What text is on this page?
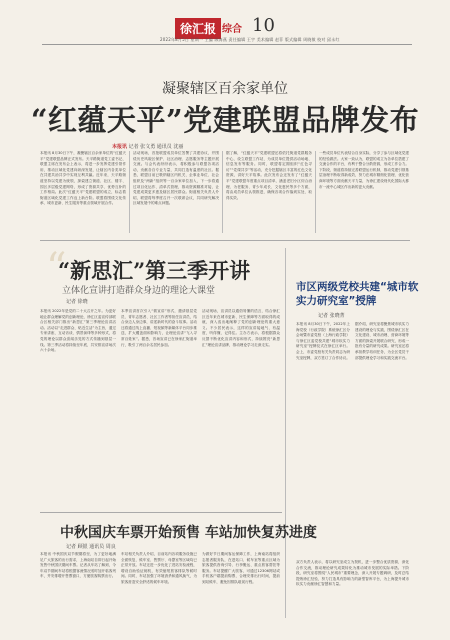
徐汇报 综合 10
2022年8月5日 星期一 主编 顾海燕 责任编辑 王宇 美术编辑 赵菲 版式编辑 周晓敏 校对 邱永红
凝聚辖区百余家单位
“红蕴天平”党建联盟品牌发布
本报讯 记者 张文勇 通讯员 沈丽
本报讯 8月30日下午，凝聚辖区百余家单位的“红蕴天平”党建联盟品牌正式发布。天平路街道党工委书记、联盟主席在发布会上表示，将进一步发挥党建引领作用，推动区域化党建向纵深发展，让辖区内各类单位在共建共治共享中实现互利共赢。近年来，天平路街道坚持以党建为统领，探索建立街道、社区、楼宇、园区多层级党建网络，形成了资源共享、优势互补的工作格局。此次“红蕴天平”党建联盟的成立，标志着街道区域化党建工作迈上新台阶。联盟将围绕文化传承、城市更新、民生服务等重点领域开展合作。
活动现场，首批联盟成员单位签署了共建协议，并围绕历史风貌区保护、社区治理、志愿服务等主题开展交流。与会代表纷纷表示，将积极参与联盟各项活动，贡献各自专业力量，共同打造有温度的社区。据悉，联盟目前已吸纳辖区内机关、企事业单位、社会组织及“两新”组织等一百余家单位加入，下一步将通过项目化运作、清单式管理，推动资源精准对接，让党建成果更多惠及辖区居民群众。街道相关负责人介绍，联盟将每季度召开一次联席会议，共同研究解决区域发展中的难点问题。
据了解，“红蕴天平”党建联盟还将依托街道党群服务中心，设立联盟工作站，为成员单位提供活动场地、信息发布等服务。同时，联盟将定期组织“红色寻访”“党课共享”等活动，充分挖掘辖区丰富的红色文化资源，讲好天平故事。此次发布会还发布了“红蕴天平”党建联盟年度重点项目清单，涵盖老旧小区综合治理、为老服务、青少年成长、文化惠民等多个方面，将由成员单位认领推进，确保各项合作落到实处、取得实效。
一些成员单位代表结合自身实际，分享了参与区域化党建的经验做法。大家一致认为，联盟的成立为各单位搭建了交流合作的平台，有利于整合分散资源，形成工作合力。下阶段，街道将持续完善联盟运行机制，推动党建引领基层治理不断取得新成效，努力在城市精细化管理、优化营商环境等方面贡献天平力量，为徐汇建设现代化国际大都市一流中心城区作出新的更大贡献。
“
“新思汇”第三季开讲
立体化宣讲打造群众身边的理论大课堂
记者 徐晓
本报讯 2022年是党的二十大召开之年。为更好地让群众理解党的创新理论，徐汇区委宣传部联合区相关部门推出“新思汇”第三季理论宣讲活动。活动以“走进群众、贴近生活”为主旨，通过专家讲座、互动访谈、情景演绎等多种形式，将党的理论以群众喜闻乐见的方式传播到基层一线。第三季活动将持续至年底，共安排宣讲场次六十余场。
本季宣讲首次引入“微宣讲”形式，邀请基层党员、青年志愿者、社区工作者等担任宣讲员，结合身边人身边事，讲述新时代的奋斗故事。活动还将通过线上直播、短视频等新媒体平台同步推送，扩大覆盖面和影响力，让理论宣讲“飞入寻常百姓家”。据悉，首场宣讲已在徐家汇街道举行，吸引了两百余名居民参加。
活动现场，宣讲员以通俗易懂的语言，结合徐汇区近年来在城市更新、民生保障等方面取得的成就，深入浅出地阐释了党的创新理论的重大意义。不少居民表示，这样的宣讲接地气、有温度，听得懂、记得住。主办方表示，将根据群众反馈不断优化宣讲内容和形式，持续擦亮“新思汇”理论宣讲品牌，推动理论学习走深走实。
中秋国庆车票开始预售 车站加快复苏进度
记者 顾银 通讯员 周良
本报讯 中秋国庆双节假期将至，为了更好地满足广大旅客的出行需求，上海南站自即日起开始发售中秋国庆期间车票。记者从车站了解到，今年双节期间车站将根据客流情况适时加开临客列车，并安排增开售票窗口，方便旅客购票出行。
车站相关负责人介绍，目前站内各项服务设施已全面恢复，候车室、售票厅、母婴室等区域均已正常开放。车站还进一步优化了进站安检流程，增设自助验证闸机，有效缩短旅客排队等候时间。同时，车站加强了环境消杀和通风换气，为旅客营造安全舒适的候车环境。
为做好节日期间客运保障工作，上海南站将组织志愿者服务队，在进站口、候车室等重点区域为旅客提供咨询引导、行李搬运、重点旅客帮扶等服务。车站提醒广大旅客，可通过12306网站或手机客户端提前购票，合理安排出行时间，提前到站候车，避免因排队耽误行程。
市区两级党校共建“城市软实力研究室”授牌
记者 张晓菁
本报讯 8月30日下午，2022年上海党校（行政学院）系统徐汇区分会场暨市委党校（上海行政学院）与徐汇区委党校共建“城市软实力研究室”授牌仪式在徐汇区举行。会上，市委党校有关负责同志为研究室授牌，双方签订了合作协议。
据介绍，研究室将聚焦城市软实力建设的理论与实践，围绕徐汇区在文化建设、城市治理、营商环境等方面的探索开展联合研究，形成一批有分量的研究成果。研究室还将承担教学培训任务，为全区党员干部提供理论学习和实践交流平台。
双方负责人表示，将以研究室成立为契机，进一步整合优质资源，深化合作交流，推动理论研究成果转化为推动城市发展的实际举措。下阶段，研究室将围绕“人民城市”重要理念，深入开展专题调研，及时总结提炼徐汇经验，努力打造具有影响力的新型智库平台，为上海提升城市软实力贡献徐汇智慧和力量。
